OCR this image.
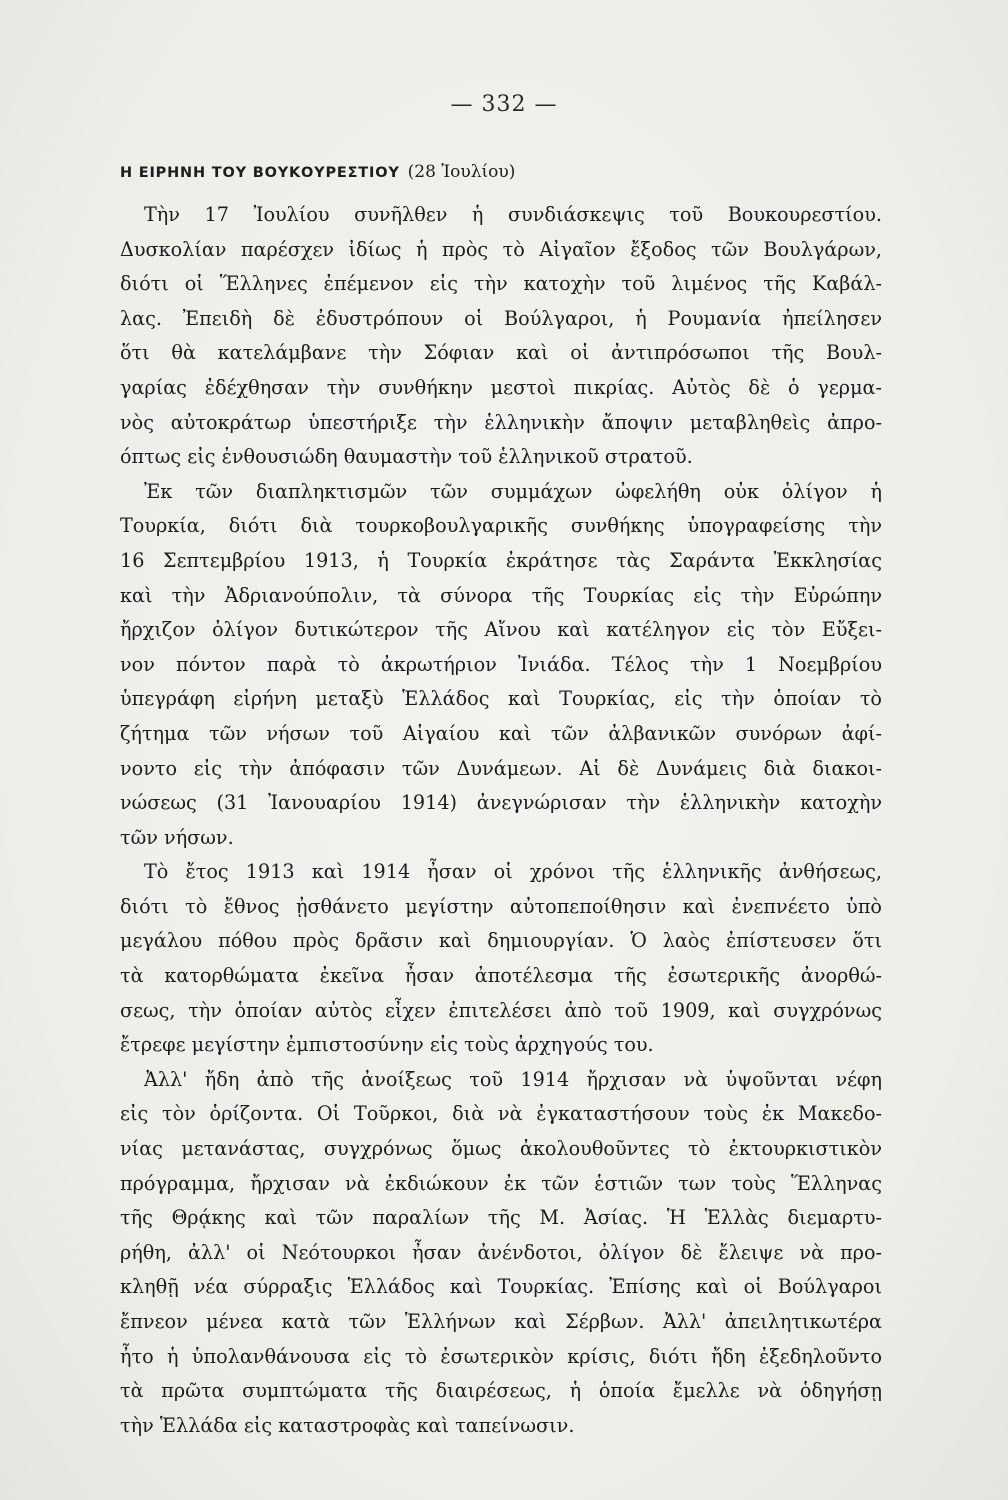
— 332 —
Η ΕΙΡΗΝΗ ΤΟΥ ΒΟΥΚΟΥΡΕΣΤΙΟΥ (28 Ἰουλίου)
Τὴν 17 Ἰουλίου συνῆλθεν ἡ συνδιάσκεψις τοῦ Βουκουρεστίου.
Δυσκολίαν παρέσχεν ἰδίως ἡ πρὸς τὸ Αἰγαῖον ἔξοδος τῶν Βουλγάρων,
διότι οἱ Ἕλληνες ἐπέμενον εἰς τὴν κατοχὴν τοῦ λιμένος τῆς Καβάλ-
λας. Ἐπειδὴ δὲ ἐδυστρόπουν οἱ Βούλγαροι, ἡ Ρουμανία ἠπείλησεν
ὅτι θὰ κατελάμβανε τὴν Σόφιαν καὶ οἱ ἀντιπρόσωποι τῆς Βουλ-
γαρίας ἐδέχθησαν τὴν συνθήκην μεστοὶ πικρίας. Αὐτὸς δὲ ὁ γερμα-
νὸς αὐτοκράτωρ ὑπεστήριξε τὴν ἑλληνικὴν ἄποψιν μεταβληθεὶς ἀπρο-
όπτως εἰς ἐνθουσιώδη θαυμαστὴν τοῦ ἑλληνικοῦ στρατοῦ.
Ἐκ τῶν διαπληκτισμῶν τῶν συμμάχων ὠφελήθη οὐκ ὀλίγον ἡ
Τουρκία, διότι διὰ τουρκοβουλγαρικῆς συνθήκης ὑπογραφείσης τὴν
16 Σεπτεμβρίου 1913, ἡ Τουρκία ἐκράτησε τὰς Σαράντα Ἐκκλησίας
καὶ τὴν Ἀδριανούπολιν, τὰ σύνορα τῆς Τουρκίας εἰς τὴν Εὐρώπην
ἤρχιζον ὀλίγον δυτικώτερον τῆς Αἴνου καὶ κατέληγον εἰς τὸν Εὔξει-
νον πόντον παρὰ τὸ ἀκρωτήριον Ἰνιάδα. Τέλος τὴν 1 Νοεμβρίου
ὑπεγράφη εἰρήνη μεταξὺ Ἑλλάδος καὶ Τουρκίας, εἰς τὴν ὁποίαν τὸ
ζήτημα τῶν νήσων τοῦ Αἰγαίου καὶ τῶν ἀλβανικῶν συνόρων ἀφί-
νοντο εἰς τὴν ἀπόφασιν τῶν Δυνάμεων. Αἱ δὲ Δυνάμεις διὰ διακοι-
νώσεως (31 Ἰανουαρίου 1914) ἀνεγνώρισαν τὴν ἑλληνικὴν κατοχὴν
τῶν νήσων.
Τὸ ἔτος 1913 καὶ 1914 ἦσαν οἱ χρόνοι τῆς ἑλληνικῆς ἀνθήσεως,
διότι τὸ ἔθνος ᾐσθάνετο μεγίστην αὐτοπεποίθησιν καὶ ἐνεπνέετο ὑπὸ
μεγάλου πόθου πρὸς δρᾶσιν καὶ δημιουργίαν. Ὁ λαὸς ἐπίστευσεν ὅτι
τὰ κατορθώματα ἐκεῖνα ἦσαν ἀποτέλεσμα τῆς ἐσωτερικῆς ἀνορθώ-
σεως, τὴν ὁποίαν αὐτὸς εἶχεν ἐπιτελέσει ἀπὸ τοῦ 1909, καὶ συγχρόνως
ἔτρεφε μεγίστην ἐμπιστοσύνην εἰς τοὺς ἀρχηγούς του.
Ἀλλ' ἤδη ἀπὸ τῆς ἀνοίξεως τοῦ 1914 ἤρχισαν νὰ ὑψοῦνται νέφη
εἰς τὸν ὁρίζοντα. Οἱ Τοῦρκοι, διὰ νὰ ἐγκαταστήσουν τοὺς ἐκ Μακεδο-
νίας μετανάστας, συγχρόνως ὅμως ἀκολουθοῦντες τὸ ἐκτουρκιστικὸν
πρόγραμμα, ἤρχισαν νὰ ἐκδιώκουν ἐκ τῶν ἑστιῶν των τοὺς Ἕλληνας
τῆς Θρᾴκης καὶ τῶν παραλίων τῆς Μ. Ἀσίας. Ἡ Ἑλλὰς διεμαρτυ-
ρήθη, ἀλλ' οἱ Νεότουρκοι ἦσαν ἀνένδοτοι, ὀλίγον δὲ ἔλειψε νὰ προ-
κληθῇ νέα σύρραξις Ἑλλάδος καὶ Τουρκίας. Ἐπίσης καὶ οἱ Βούλγαροι
ἔπνεον μένεα κατὰ τῶν Ἑλλήνων καὶ Σέρβων. Ἀλλ' ἀπειλητικωτέρα
ἦτο ἡ ὑπολανθάνουσα εἰς τὸ ἐσωτερικὸν κρίσις, διότι ἤδη ἐξεδηλοῦντο
τὰ πρῶτα συμπτώματα τῆς διαιρέσεως, ἡ ὁποία ἔμελλε νὰ ὁδηγήσῃ
τὴν Ἑλλάδα εἰς καταστροφὰς καὶ ταπείνωσιν.
